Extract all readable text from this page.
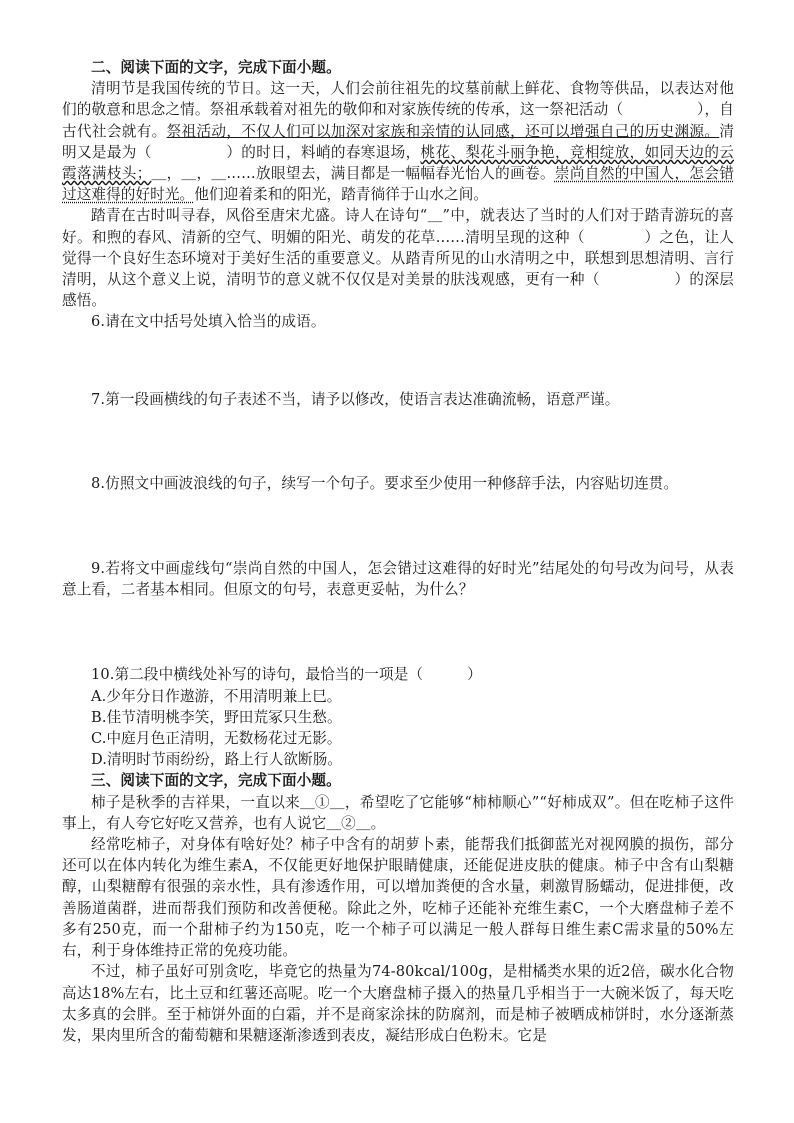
二、阅读下面的文字，完成下面小题。

清明节是我国传统的节日。这一天，人们会前往祖先的坟墓前献上鲜花、食物等供品，以表达对他们的敬意和思念之情。祭祖承载着对祖先的敬仰和对家族传统的传承，这一祭祀活动（　　　　　），自古代社会就有。祭祖活动，不仅人们可以加深对家族和亲情的认同感，还可以增强自己的历史渊源。清明又是最为（　　　　　）的时日，料峭的春寒退场，桃花、梨花斗丽争艳，竞相绽放，如同天边的云霞落满枝头；＿，＿，＿……放眼望去，满目都是一幅幅春光怡人的画卷。崇尚自然的中国人，怎会错过这难得的好时光。他们迎着柔和的阳光，踏青徜徉于山水之间。

踏青在古时叫寻春，风俗至唐宋尤盛。诗人在诗句“＿”中，就表达了当时的人们对于踏青游玩的喜好。和煦的春风、清新的空气、明媚的阳光、萌发的花草……清明呈现的这种（　　　　）之色，让人觉得一个良好生态环境对于美好生活的重要意义。从踏青所见的山水清明之中，联想到思想清明、言行清明，从这个意义上说，清明节的意义就不仅仅是对美景的肤浅观感，更有一种（　　　　　）的深层感悟。

6.请在文中括号处填入恰当的成语。

7.第一段画横线的句子表述不当，请予以修改，使语言表达准确流畅，语意严谨。

8.仿照文中画波浪线的句子，续写一个句子。要求至少使用一种修辞手法，内容贴切连贯。

9.若将文中画虚线句“崇尚自然的中国人，怎会错过这难得的好时光”结尾处的句号改为问号，从表意上看，二者基本相同。但原文的句号，表意更妥帖，为什么？

10.第二段中横线处补写的诗句，最恰当的一项是（　　　）

A.少年分日作遨游，不用清明兼上巳。

B.佳节清明桃李笑，野田荒冢只生愁。

C.中庭月色正清明，无数杨花过无影。

D.清明时节雨纷纷，路上行人欲断肠。

三、阅读下面的文字，完成下面小题。

柿子是秋季的吉祥果，一直以来＿①＿，希望吃了它能够“柿柿顺心”“好柿成双”。但在吃柿子这件事上，有人夸它好吃又营养，也有人说它＿②＿。

经常吃柿子，对身体有啥好处？柿子中含有的胡萝卜素，能帮我们抵御蓝光对视网膜的损伤，部分还可以在体内转化为维生素A，不仅能更好地保护眼睛健康，还能促进皮肤的健康。柿子中含有山梨糖醇，山梨糖醇有很强的亲水性，具有渗透作用，可以增加粪便的含水量，刺激胃肠蠕动，促进排便，改善肠道菌群，进而帮我们预防和改善便秘。除此之外，吃柿子还能补充维生素C，一个大磨盘柿子差不多有250克，而一个甜柿子约为150克，吃一个柿子可以满足一般人群每日维生素C需求量的50%左右，利于身体维持正常的免疫功能。

不过，柿子虽好可别贪吃，毕竟它的热量为74-80kcal/100g，是柑橘类水果的近2倍，碳水化合物高达18%左右，比土豆和红薯还高呢。吃一个大磨盘柿子摄入的热量几乎相当于一大碗米饭了，每天吃太多真的会胖。至于柿饼外面的白霜，并不是商家涂抹的防腐剂，而是柿子被晒成柿饼时，水分逐渐蒸发，果肉里所含的葡萄糖和果糖逐渐渗透到表皮，凝结形成白色粉末。它是
